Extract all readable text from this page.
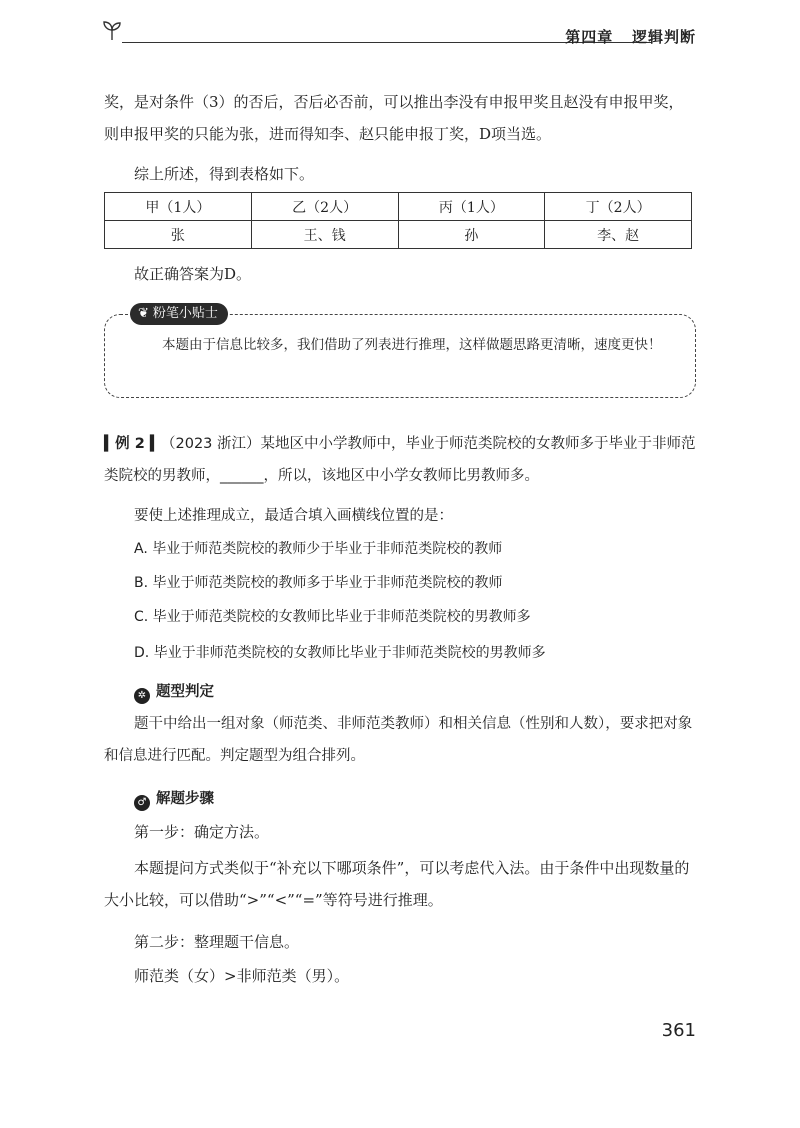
第四章 逻辑判断

奖，是对条件（3）的否后，否后必否前，可以推出李没有申报甲奖且赵没有申报甲奖，则申报甲奖的只能为张，进而得知李、赵只能申报丁奖，D项当选。

综上所述，得到表格如下。

甲（1人）	乙（2人）	丙（1人）	丁（2人）
张	王、钱	孙	李、赵

故正确答案为D。

❦ 粉笔小贴士

本题由于信息比较多，我们借助了列表进行推理，这样做题思路更清晰，速度更快！

▍例 2 ▍（2023 浙江）某地区中小学教师中，毕业于师范类院校的女教师多于毕业于非师范类院校的男教师，______，所以，该地区中小学女教师比男教师多。

要使上述推理成立，最适合填入画横线位置的是：

A. 毕业于师范类院校的教师少于毕业于非师范类院校的教师

B. 毕业于师范类院校的教师多于毕业于非师范类院校的教师

C. 毕业于师范类院校的女教师比毕业于非师范类院校的男教师多

D. 毕业于非师范类院校的女教师比毕业于非师范类院校的男教师多

✲ 题型判定

题干中给出一组对象（师范类、非师范类教师）和相关信息（性别和人数），要求把对象和信息进行匹配。判定题型为组合排列。

♂ 解题步骤

第一步：确定方法。

本题提问方式类似于“补充以下哪项条件”，可以考虑代入法。由于条件中出现数量的大小比较，可以借助“>”“<”“=”等符号进行推理。

第二步：整理题干信息。

师范类（女）>非师范类（男）。

361
